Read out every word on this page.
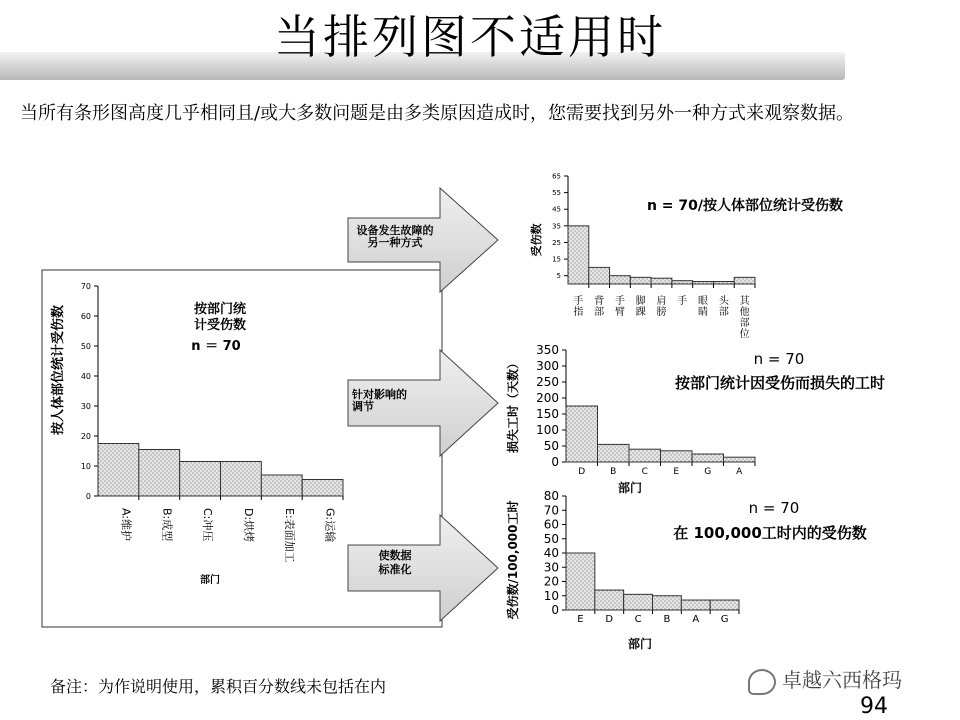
当排列图不适用时
当所有条形图高度几乎相同且/或大多数问题是由多类原因造成时，您需要找到另外一种方式来观察数据。
0
10
20
30
40
50
60
70
A:维护	B:成型	C:冲压	D:烘烤	E:表面加工	G:运输
按人体部位统计受伤数
部门
按部门统计受伤数
n ＝ 70
设备发生故障的另一种方式
针对影响的调节
使数据标准化
5
15
25
35
45
55
65
手指
背部
手臂
脚踝
肩膀
手 眼睛
头部
其他部位
受伤数
n = 70/按人体部位统计受伤数
0
50
100
150
200
250
300
350
D	B	C	E	G	A
损失工时（天数）
部门
n = 70
按部门统计因受伤而损失的工时
0
10
20
30
40
50
60
70
80
E D C B A G
受伤数/100,000工时
部门
n = 70
在 100,000工时内的受伤数
备注：为作说明使用，累积百分数线未包括在内	卓越六西格玛
94
